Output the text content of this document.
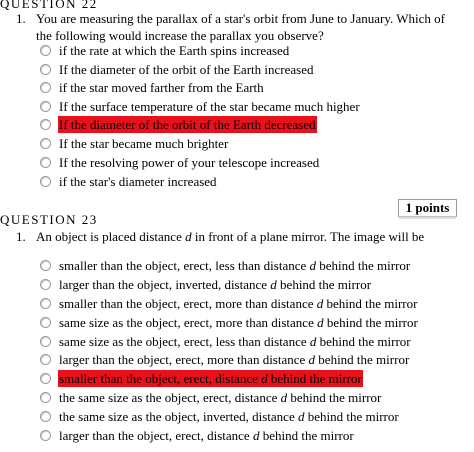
QUESTION 22
1. You are measuring the parallax of a star's orbit from June to January. Which of the following would increase the parallax you observe?
if the rate at which the Earth spins increased
If the diameter of the orbit of the Earth increased
if the star moved farther from the Earth
If the surface temperature of the star became much higher
If the diameter of the orbit of the Earth decreased
If the star became much brighter
If the resolving power of your telescope increased
if the star's diameter increased
1 points
QUESTION 23
1. An object is placed distance d in front of a plane mirror. The image will be
smaller than the object, erect, less than distance d behind the mirror
larger than the object, inverted, distance d behind the mirror
smaller than the object, erect, more than distance d behind the mirror
same size as the object, erect, more than distance d behind the mirror
same size as the object, erect, less than distance d behind the mirror
larger than the object, erect, more than distance d behind the mirror
smaller than the object, erect, distance d behind the mirror
the same size as the object, erect, distance d behind the mirror
the same size as the object, inverted, distance d behind the mirror
larger than the object, erect, distance d behind the mirror
